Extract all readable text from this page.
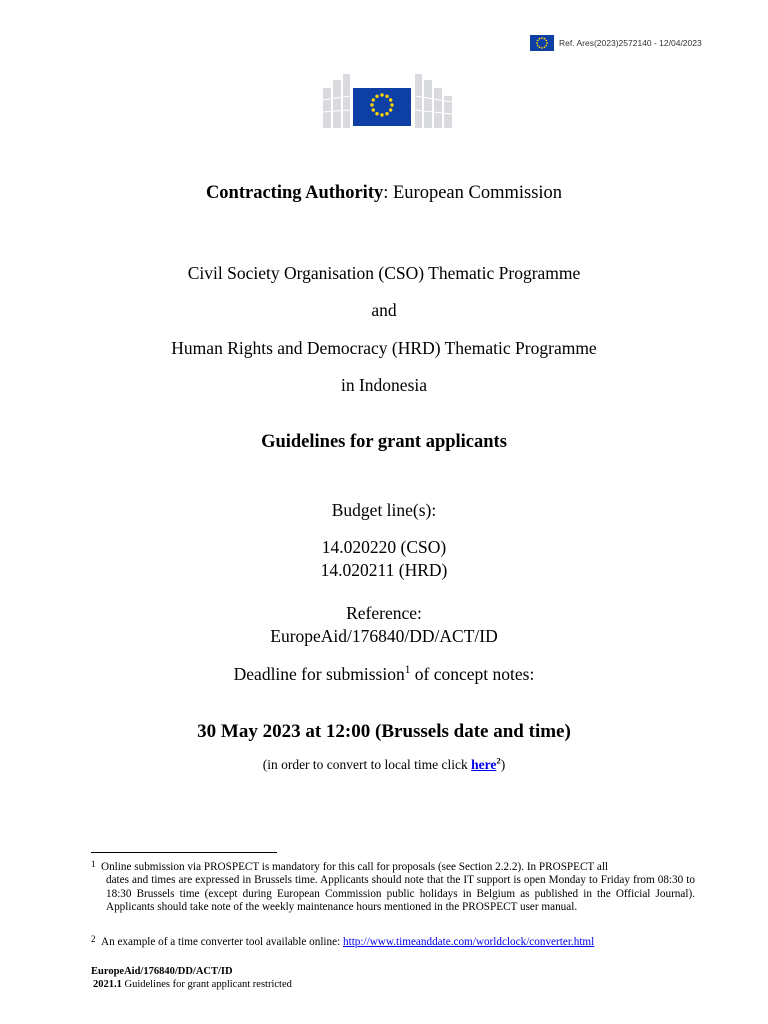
Ref. Ares(2023)2572140 - 12/04/2023
Contracting Authority: European Commission
Civil Society Organisation (CSO) Thematic Programme
and
Human Rights and Democracy (HRD) Thematic Programme
in Indonesia
Guidelines for grant applicants
Budget line(s):
14.020220 (CSO)
14.020211 (HRD)
Reference:
EuropeAid/176840/DD/ACT/ID
Deadline for submission$^1$ of concept notes:
30 May 2023 at 12:00 (Brussels date and time)
(in order to convert to local time click here$^2$)
1 Online submission via PROSPECT is mandatory for this call for proposals (see Section 2.2.2). In PROSPECT all
dates and times are expressed in Brussels time. Applicants should note that the IT support is open Monday to Friday from 08:30 to 18:30 Brussels time (except during European Commission public holidays in Belgium as published in the Official Journal). Applicants should take note of the weekly maintenance hours mentioned in the PROSPECT user manual.
2 An example of a time converter tool available online: http://www.timeanddate.com/worldclock/converter.html
EuropeAid/176840/DD/ACT/ID
2021.1 Guidelines for grant applicant restricted
